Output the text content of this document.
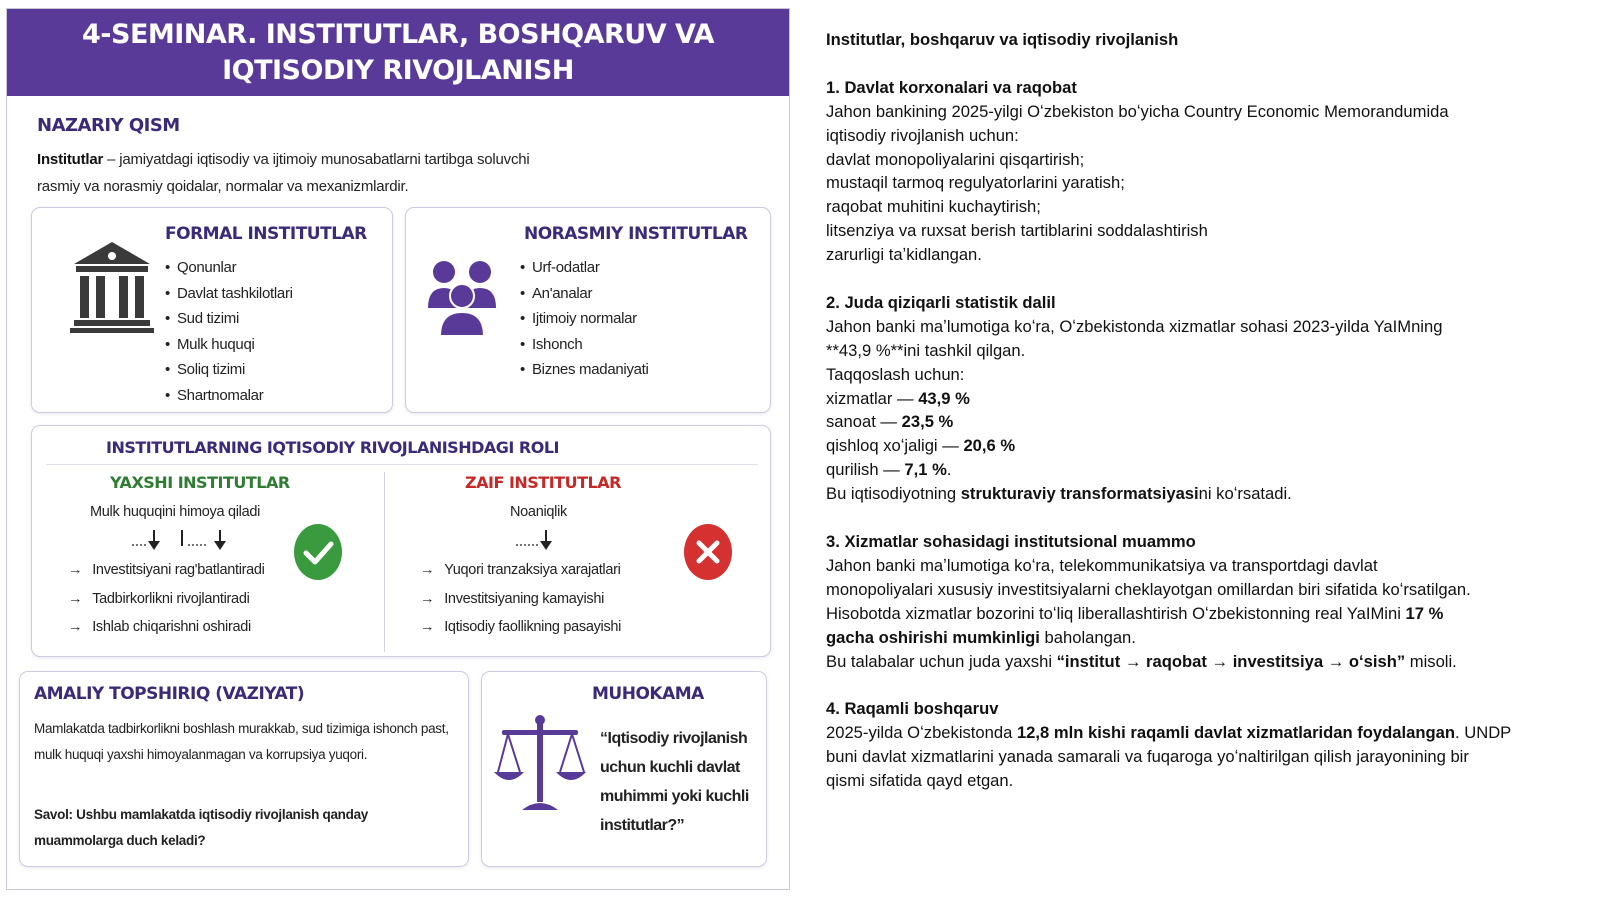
4-SEMINAR. INSTITUTLAR, BOSHQARUV VA
IQTISODIY RIVOJLANISH
NAZARIY QISM
Institutlar – jamiyatdagi iqtisodiy va ijtimoiy munosabatlarni tartibga soluvchi
rasmiy va norasmiy qoidalar, normalar va mexanizmlardir.
FORMAL INSTITUTLAR
• Qonunlar
• Davlat tashkilotlari
• Sud tizimi
• Mulk huquqi
• Soliq tizimi
• Shartnomalar
NORASMIY INSTITUTLAR
• Urf-odatlar
• An'analar
• Ijtimoiy normalar
• Ishonch
• Biznes madaniyati
INSTITUTLARNING IQTISODIY RIVOJLANISHDAGI ROLI
YAXSHI INSTITUTLAR
Mulk huquqini himoya qiladi
→ Investitsiyani rag'batlantiradi
→ Tadbirkorlikni rivojlantiradi
→ Ishlab chiqarishni oshiradi
ZAIF INSTITUTLAR
Noaniqlik
→ Yuqori tranzaksiya xarajatlari
→ Investitsiyaning kamayishi
→ Iqtisodiy faollikning pasayishi
AMALIY TOPSHIRIQ (VAZIYAT)
Mamlakatda tadbirkorlikni boshlash murakkab, sud tizimiga ishonch past, mulk huquqi yaxshi himoyalanmagan va korrupsiya yuqori.
Savol: Ushbu mamlakatda iqtisodiy rivojlanish qanday muammolarga duch keladi?
MUHOKAMA
“Iqtisodiy rivojlanish uchun kuchli davlat muhimmi yoki kuchli institutlar?”

Institutlar, boshqaruv va iqtisodiy rivojlanish

1. Davlat korxonalari va raqobat

Jahon bankining 2025-yilgi Oʻzbekiston boʻyicha Country Economic Memorandumida

iqtisodiy rivojlanish uchun:

davlat monopoliyalarini qisqartirish;

mustaqil tarmoq regulyatorlarini yaratish;

raqobat muhitini kuchaytirish;

litsenziya va ruxsat berish tartiblarini soddalashtirish

zarurligi taʼkidlangan.

2. Juda qiziqarli statistik dalil

Jahon banki maʼlumotiga koʻra, Oʻzbekistonda xizmatlar sohasi 2023-yilda YaIMning

**43,9 %**ini tashkil qilgan.

Taqqoslash uchun:

xizmatlar — 43,9 %

sanoat — 23,5 %

qishloq xoʻjaligi — 20,6 %

qurilish — 7,1 %.

Bu iqtisodiyotning strukturaviy transformatsiyasini koʻrsatadi.

3. Xizmatlar sohasidagi institutsional muammo

Jahon banki maʼlumotiga koʻra, telekommunikatsiya va transportdagi davlat

monopoliyalari xususiy investitsiyalarni cheklayotgan omillardan biri sifatida koʻrsatilgan.

Hisobotda xizmatlar bozorini toʻliq liberallashtirish Oʻzbekistonning real YaIMini 17 %

gacha oshirishi mumkinligi baholangan.

Bu talabalar uchun juda yaxshi “institut → raqobat → investitsiya → oʻsish” misoli.

4. Raqamli boshqaruv

2025-yilda Oʻzbekistonda 12,8 mln kishi raqamli davlat xizmatlaridan foydalangan. UNDP

buni davlat xizmatlarini yanada samarali va fuqaroga yoʻnaltirilgan qilish jarayonining bir

qismi sifatida qayd etgan.
